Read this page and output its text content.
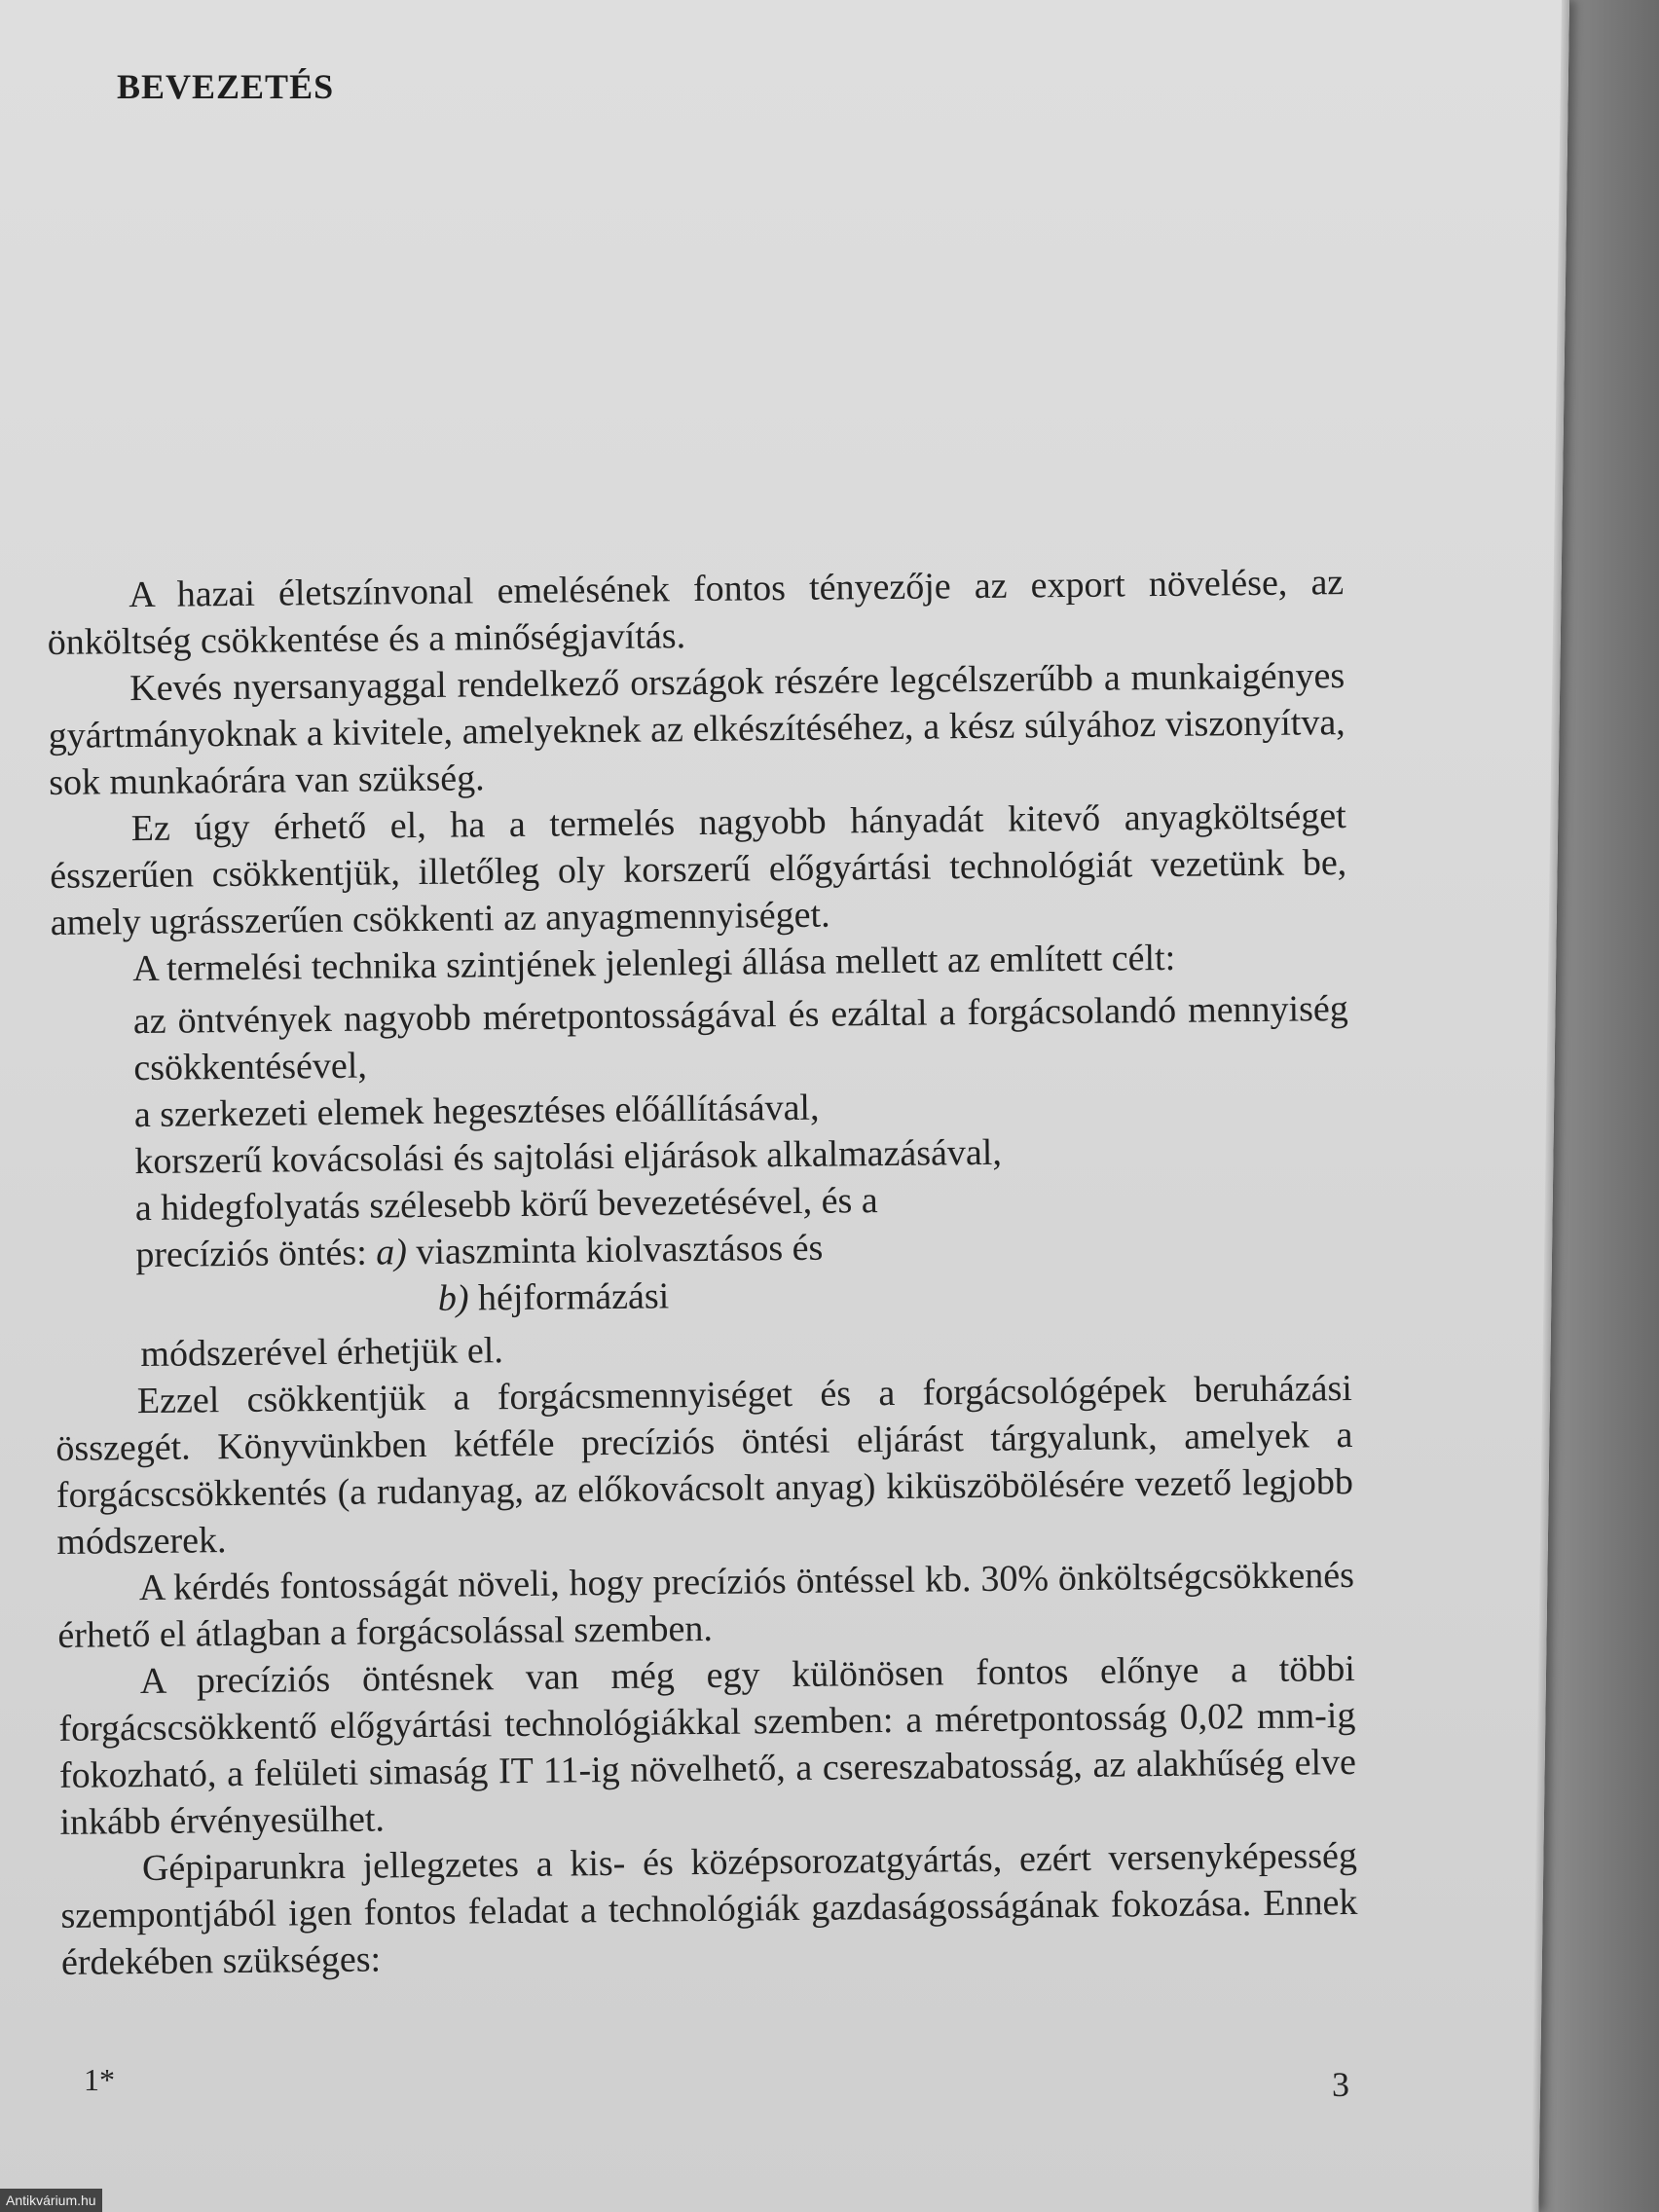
BEVEZETÉS

A hazai életszínvonal emelésének fontos tényezője az export növelése, az önköltség csökkentése és a minőségjavítás.

Kevés nyersanyaggal rendelkező országok részére legcélszerűbb a munkaigényes gyártmányoknak a kivitele, amelyeknek az elkészítéséhez, a kész súlyához viszonyítva, sok munkaórára van szükség.

Ez úgy érhető el, ha a termelés nagyobb hányadát kitevő anyagköltséget ésszerűen csökkentjük, illetőleg oly korszerű előgyártási technológiát vezetünk be, amely ugrásszerűen csökkenti az anyagmennyiséget.

A termelési technika szintjének jelenlegi állása mellett az említett célt:

az öntvények nagyobb méretpontosságával és ezáltal a forgácsolandó mennyiség csökkentésével,
a szerkezeti elemek hegesztéses előállításával,
korszerű kovácsolási és sajtolási eljárások alkalmazásával,
a hidegfolyatás szélesebb körű bevezetésével, és a
precíziós öntés: a) viaszminta kiolvasztásos és
b) héjformázási

módszerével érhetjük el.

Ezzel csökkentjük a forgácsmennyiséget és a forgácsológépek beruházási összegét. Könyvünkben kétféle precíziós öntési eljárást tárgyalunk, amelyek a forgácscsökkentés (a rudanyag, az előkovácsolt anyag) kiküszöbölésére vezető legjobb módszerek.

A kérdés fontosságát növeli, hogy precíziós öntéssel kb. 30% önköltségcsökkenés érhető el átlagban a forgácsolással szemben.

A precíziós öntésnek van még egy különösen fontos előnye a többi forgácscsökkentő előgyártási technológiákkal szemben: a méretpontosság 0,02 mm-ig fokozható, a felületi simaság IT 11-ig növelhető, a csereszabatosság, az alakhűség elve inkább érvényesülhet.

Gépiparunkra jellegzetes a kis- és középsorozatgyártás, ezért versenyképesség szempontjából igen fontos feladat a technológiák gazdaságosságának fokozása. Ennek érdekében szükséges:

1*	3
Antikvárium.hu
